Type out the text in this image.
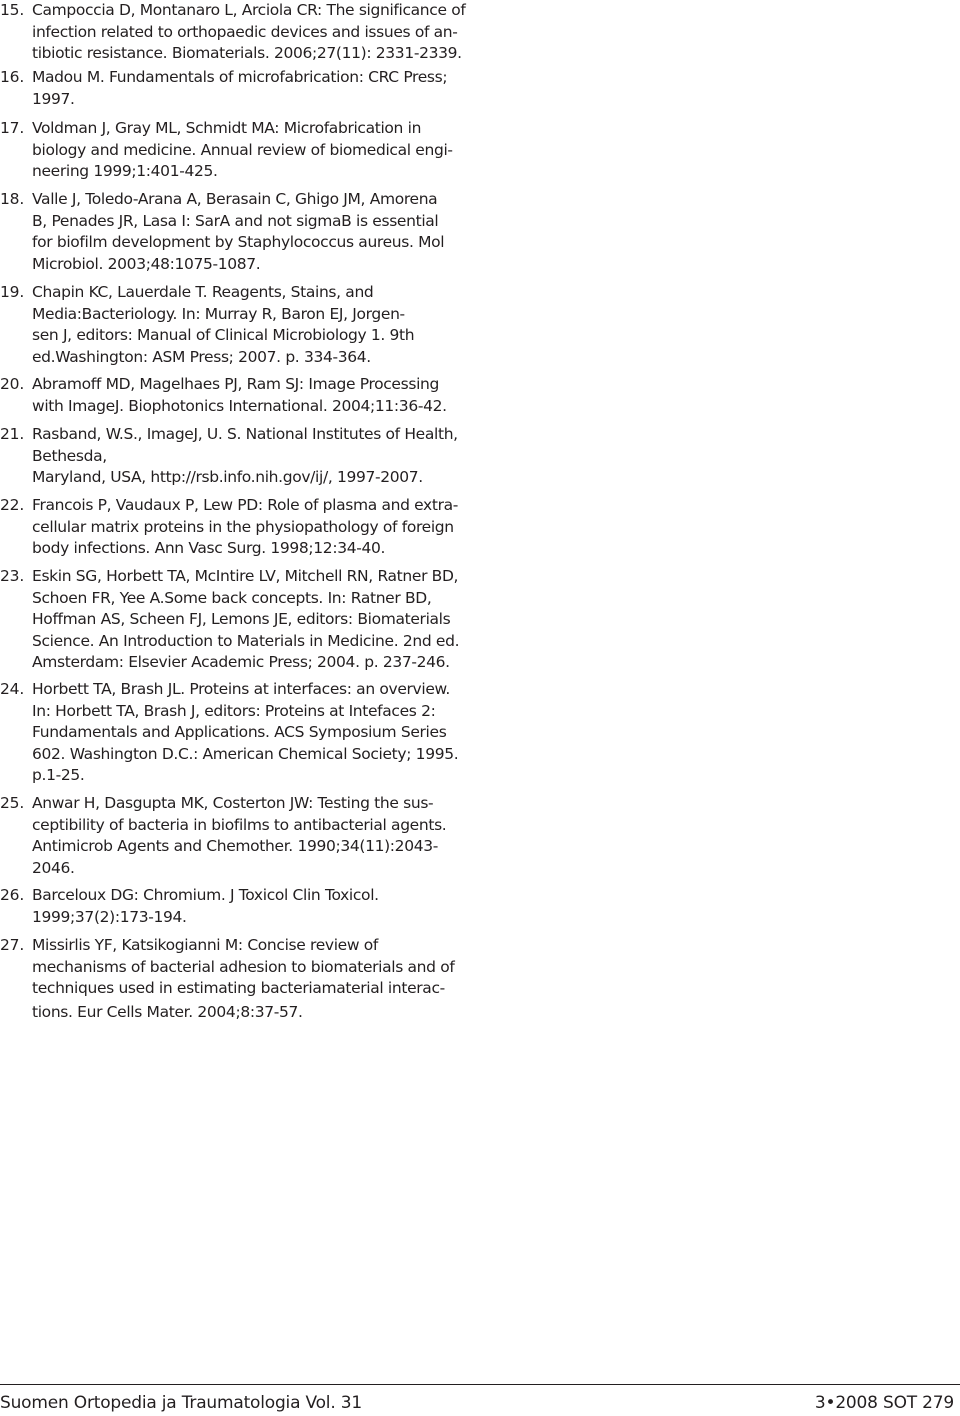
15. Campoccia D, Montanaro L, Arciola CR: The significance of
infection related to orthopaedic devices and issues of an-
tibiotic resistance. Biomaterials. 2006;27(11): 2331-2339.
16. Madou M. Fundamentals of microfabrication: CRC Press;
1997.
17. Voldman J, Gray ML, Schmidt MA: Microfabrication in
biology and medicine. Annual review of biomedical engi-
neering 1999;1:401-425.
18. Valle J, Toledo-Arana A, Berasain C, Ghigo JM, Amorena
B, Penades JR, Lasa I: SarA and not sigmaB is essential
for biofilm development by Staphylococcus aureus. Mol
Microbiol. 2003;48:1075-1087.
19. Chapin KC, Lauerdale T. Reagents, Stains, and
Media:Bacteriology. In: Murray R, Baron EJ, Jorgen-
sen J, editors: Manual of Clinical Microbiology 1. 9th
ed.Washington: ASM Press; 2007. p. 334-364.
20. Abramoff MD, Magelhaes PJ, Ram SJ: Image Processing
with ImageJ. Biophotonics International. 2004;11:36-42.
21. Rasband, W.S., ImageJ, U. S. National Institutes of Health,
Bethesda,
Maryland, USA, http://rsb.info.nih.gov/ij/, 1997-2007.
22. Francois P, Vaudaux P, Lew PD: Role of plasma and extra-
cellular matrix proteins in the physiopathology of foreign
body infections. Ann Vasc Surg. 1998;12:34-40.
23. Eskin SG, Horbett TA, McIntire LV, Mitchell RN, Ratner BD,
Schoen FR, Yee A.Some back concepts. In: Ratner BD,
Hoffman AS, Scheen FJ, Lemons JE, editors: Biomaterials
Science. An Introduction to Materials in Medicine. 2nd ed.
Amsterdam: Elsevier Academic Press; 2004. p. 237-246.
24. Horbett TA, Brash JL. Proteins at interfaces: an overview.
In: Horbett TA, Brash J, editors: Proteins at Intefaces 2:
Fundamentals and Applications. ACS Symposium Series
602. Washington D.C.: American Chemical Society; 1995.
p.1-25.
25. Anwar H, Dasgupta MK, Costerton JW: Testing the sus-
ceptibility of bacteria in biofilms to antibacterial agents.
Antimicrob Agents and Chemother. 1990;34(11):2043-
2046.
26. Barceloux DG: Chromium. J Toxicol Clin Toxicol.
1999;37(2):173-194.
27. Missirlis YF, Katsikogianni M: Concise review of
mechanisms of bacterial adhesion to biomaterials and of
techniques used in estimating bacteriamaterial interac-
tions. Eur Cells Mater. 2004;8:37-57.
Suomen Ortopedia ja Traumatologia Vol. 31	3•2008 SOT 279
